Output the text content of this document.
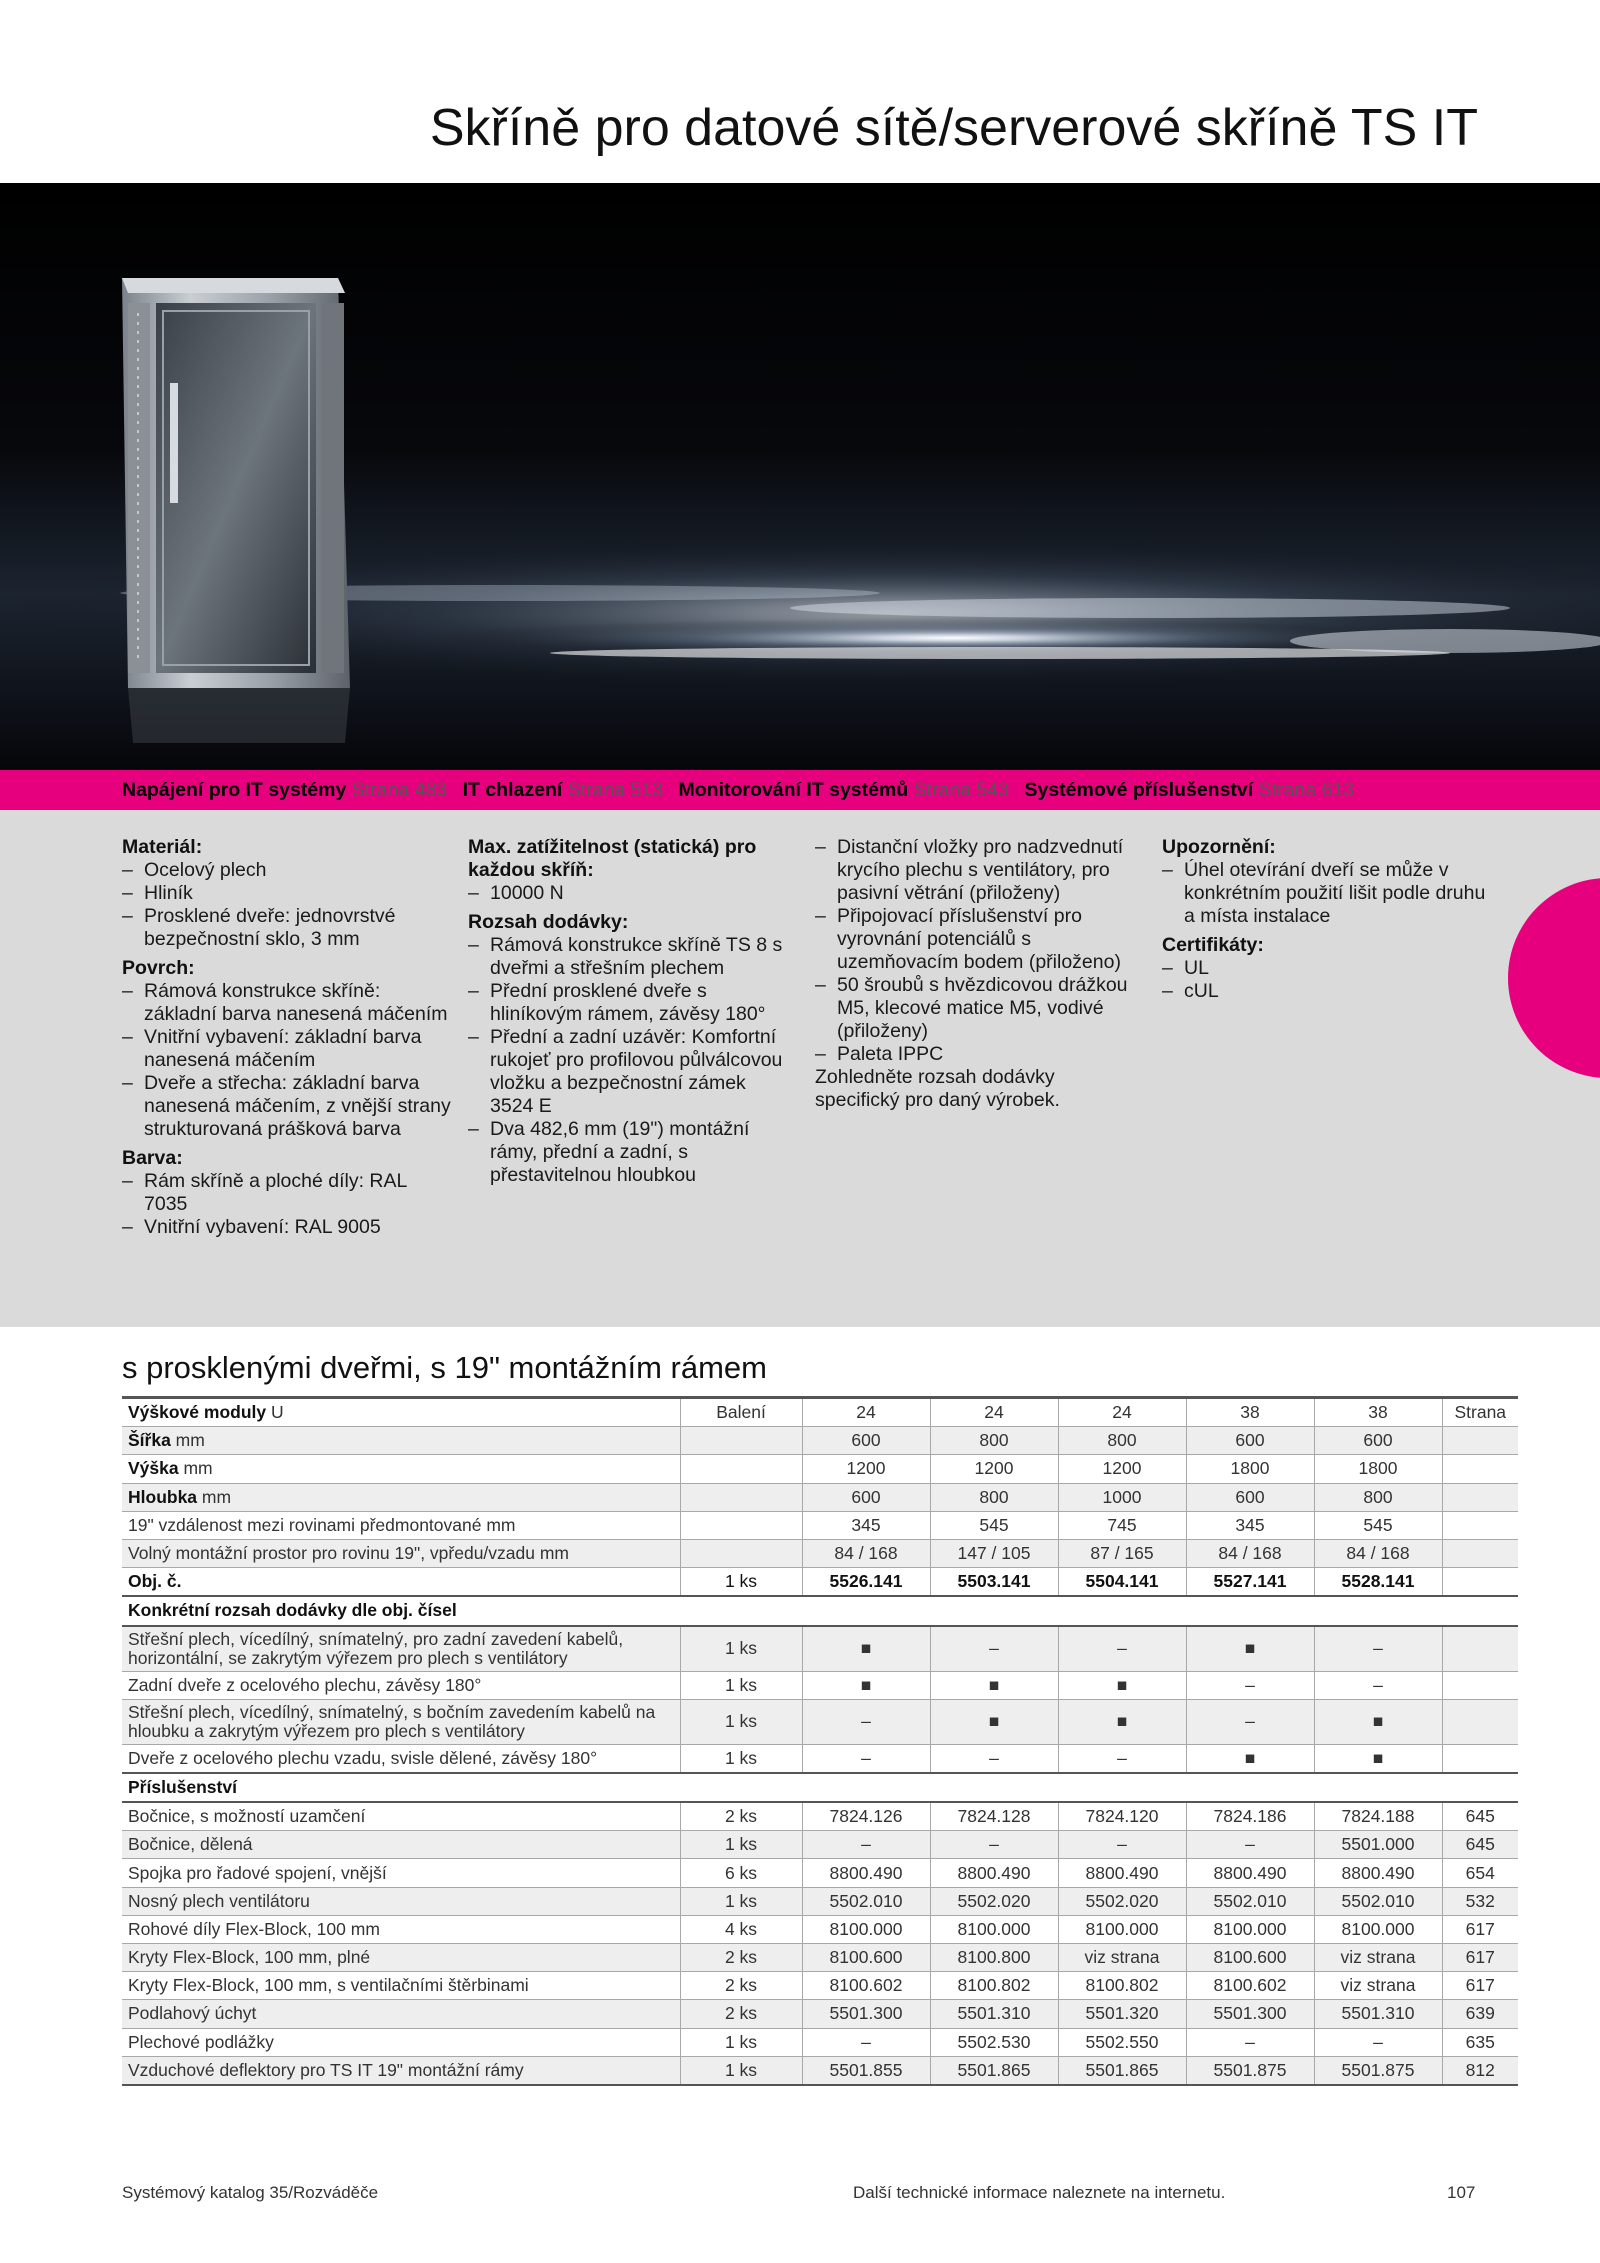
Skříně pro datové sítě/serverové skříně TS IT
Napájení pro IT systémy Strana 483 IT chlazení Strana 513 Monitorování IT systémů Strana 543 Systémové příslušenství Strana 613
Materiál:

– Ocelový plech

– Hliník

– Prosklené dveře: jednovrstvé bezpečnostní sklo, 3 mm

Povrch:

– Rámová konstrukce skříně: základní barva nanesená máčením

– Vnitřní vybavení: základní barva nanesená máčením

– Dveře a střecha: základní barva nanesená máčením, z vnější strany strukturovaná prášková barva

Barva:

– Rám skříně a ploché díly: RAL 7035

– Vnitřní vybavení: RAL 9005

Max. zatížitelnost (statická) pro každou skříň:

– 10000 N

Rozsah dodávky:

– Rámová konstrukce skříně TS 8 s dveřmi a střešním plechem

– Přední prosklené dveře s hliníkovým rámem, závěsy 180°

– Přední a zadní uzávěr: Komfortní rukojeť pro profilovou půlválcovou vložku a bezpečnostní zámek 3524 E

– Dva 482,6 mm (19") montážní rámy, přední a zadní, s přestavitelnou hloubkou

– Distanční vložky pro nadzvednutí krycího plechu s ventilátory, pro pasivní větrání (přiloženy)

– Připojovací příslušenství pro vyrovnání potenciálů s uzemňovacím bodem (přiloženo)

– 50 šroubů s hvězdicovou drážkou M5, klecové matice M5, vodivé (přiloženy)

– Paleta IPPC

Zohledněte rozsah dodávky specifický pro daný výrobek.

Upozornění:

– Úhel otevírání dveří se může v konkrétním použití lišit podle druhu a místa instalace

Certifikáty:

– UL

– cUL

s prosklenými dveřmi, s 19" montážním rámem
Výškové moduly U	Balení	24	24	24	38	38	Strana
Šířka mm		600	800	800	600	600	
Výška mm		1200	1200	1200	1800	1800	
Hloubka mm		600	800	1000	600	800	
19" vzdálenost mezi rovinami předmontované mm		345	545	745	345	545	
Volný montážní prostor pro rovinu 19", vpředu/vzadu mm		84 / 168	147 / 105	87 / 165	84 / 168	84 / 168	
Obj. č.	1 ks	5526.141	5503.141	5504.141	5527.141	5528.141	
Konkrétní rozsah dodávky dle obj. čísel							
Střešní plech, vícedílný, snímatelný, pro zadní zavedení kabelů, horizontální, se zakrytým výřezem pro plech s ventilátory	1 ks	■	–	–	■	–	
Zadní dveře z ocelového plechu, závěsy 180°	1 ks	■	■	■	–	–	
Střešní plech, vícedílný, snímatelný, s bočním zavedením kabelů na hloubku a zakrytým výřezem pro plech s ventilátory	1 ks	–	■	■	–	■	
Dveře z ocelového plechu vzadu, svisle dělené, závěsy 180°	1 ks	–	–	–	■	■	
Příslušenství							
Bočnice, s možností uzamčení	2 ks	7824.126	7824.128	7824.120	7824.186	7824.188	645
Bočnice, dělená	1 ks	–	–	–	–	5501.000	645
Spojka pro řadové spojení, vnější	6 ks	8800.490	8800.490	8800.490	8800.490	8800.490	654
Nosný plech ventilátoru	1 ks	5502.010	5502.020	5502.020	5502.010	5502.010	532
Rohové díly Flex-Block, 100 mm	4 ks	8100.000	8100.000	8100.000	8100.000	8100.000	617
Kryty Flex-Block, 100 mm, plné	2 ks	8100.600	8100.800	viz strana	8100.600	viz strana	617
Kryty Flex-Block, 100 mm, s ventilačními štěrbinami	2 ks	8100.602	8100.802	8100.802	8100.602	viz strana	617
Podlahový úchyt	2 ks	5501.300	5501.310	5501.320	5501.300	5501.310	639
Plechové podlážky	1 ks	–	5502.530	5502.550	–	–	635
Vzduchové deflektory pro TS IT 19" montážní rámy	1 ks	5501.855	5501.865	5501.865	5501.875	5501.875	812
Systémový katalog 35/Rozváděče	Další technické informace naleznete na internetu.	107
